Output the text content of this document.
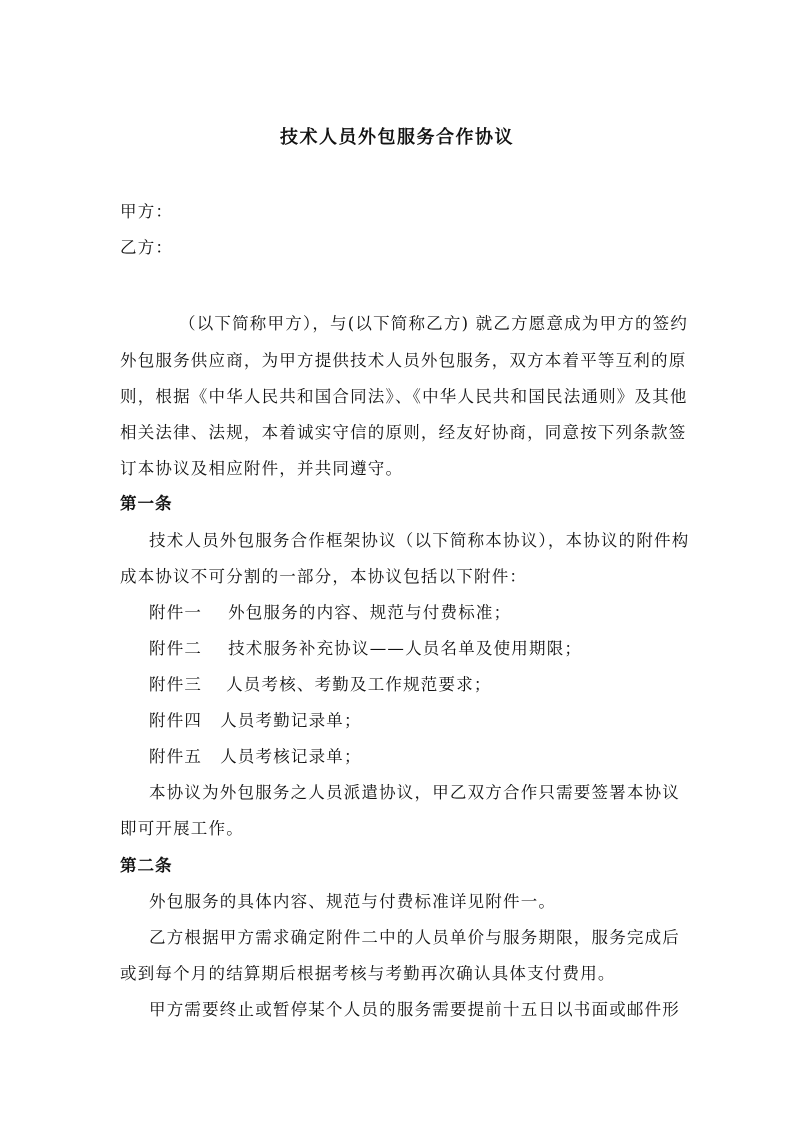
技术人员外包服务合作协议
甲方：
乙方：
（以下简称甲方），与(以下简称乙方) 就乙方愿意成为甲方的签约
外包服务供应商，为甲方提供技术人员外包服务，双方本着平等互利的原
则，根据《中华人民共和国合同法》、《中华人民共和国民法通则》及其他
相关法律、法规，本着诚实守信的原则，经友好协商，同意按下列条款签
订本协议及相应附件，并共同遵守。
第一条
技术人员外包服务合作框架协议（以下简称本协议），本协议的附件构
成本协议不可分割的一部分，本协议包括以下附件：
附件一 外包服务的内容、规范与付费标准；
附件二 技术服务补充协议——人员名单及使用期限；
附件三 人员考核、考勤及工作规范要求；
附件四 人员考勤记录单；
附件五 人员考核记录单；
本协议为外包服务之人员派遣协议，甲乙双方合作只需要签署本协议
即可开展工作。
第二条
外包服务的具体内容、规范与付费标准详见附件一。
乙方根据甲方需求确定附件二中的人员单价与服务期限，服务完成后
或到每个月的结算期后根据考核与考勤再次确认具体支付费用。
甲方需要终止或暂停某个人员的服务需要提前十五日以书面或邮件形
